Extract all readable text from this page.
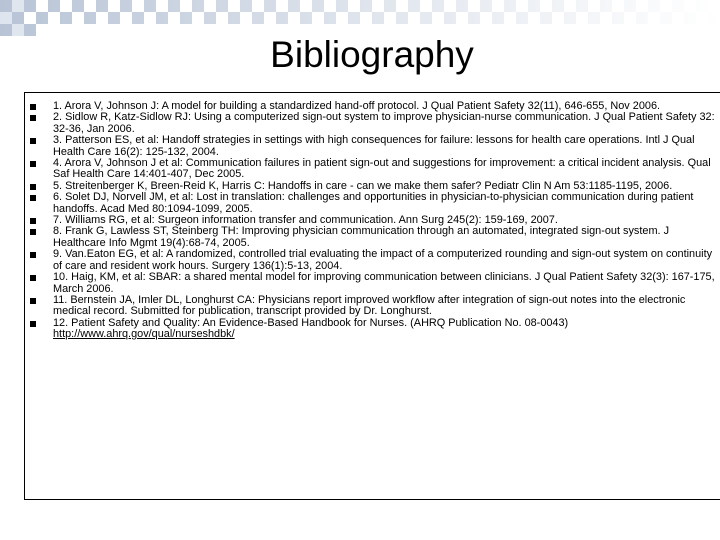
Bibliography
1. Arora V, Johnson J: A model for building a standardized hand-off protocol. J Qual Patient Safety 32(11), 646-655, Nov 2006.
2. Sidlow R, Katz-Sidlow RJ: Using a computerized sign-out system to improve physician-nurse communication. J Qual Patient Safety 32: 32-36, Jan 2006.
3. Patterson ES, et al: Handoff strategies in settings with high consequences for failure: lessons for health care operations. Intl J Qual Health Care 16(2): 125-132, 2004.
4. Arora V, Johnson J et al: Communication failures in patient sign-out and suggestions for improvement: a critical incident analysis. Qual Saf Health Care 14:401-407, Dec 2005.
5. Streitenberger K, Breen-Reid K, Harris C: Handoffs in care - can we make them safer? Pediatr Clin N Am 53:1185-1195, 2006.
6. Solet DJ, Norvell JM, et al: Lost in translation: challenges and opportunities in physician-to-physician communication during patient handoffs. Acad Med 80:1094-1099, 2005.
7. Williams RG, et al: Surgeon information transfer and communication. Ann Surg 245(2): 159-169, 2007.
8. Frank G, Lawless ST, Steinberg TH: Improving physician communication through an automated, integrated sign-out system. J Healthcare Info Mgmt 19(4):68-74, 2005.
9. Van.Eaton EG, et al: A randomized, controlled trial evaluating the impact of a computerized rounding and sign-out system on continuity of care and resident work hours. Surgery 136(1):5-13, 2004.
10. Haig, KM, et al: SBAR: a shared mental model for improving communication between clinicians. J Qual Patient Safety 32(3): 167-175, March 2006.
11. Bernstein JA, Imler DL, Longhurst CA: Physicians report improved workflow after integration of sign-out notes into the electronic medical record. Submitted for publication, transcript provided by Dr. Longhurst.
12. Patient Safety and Quality: An Evidence-Based Handbook for Nurses. (AHRQ Publication No. 08-0043)
http://www.ahrq.gov/qual/nurseshdbk/
